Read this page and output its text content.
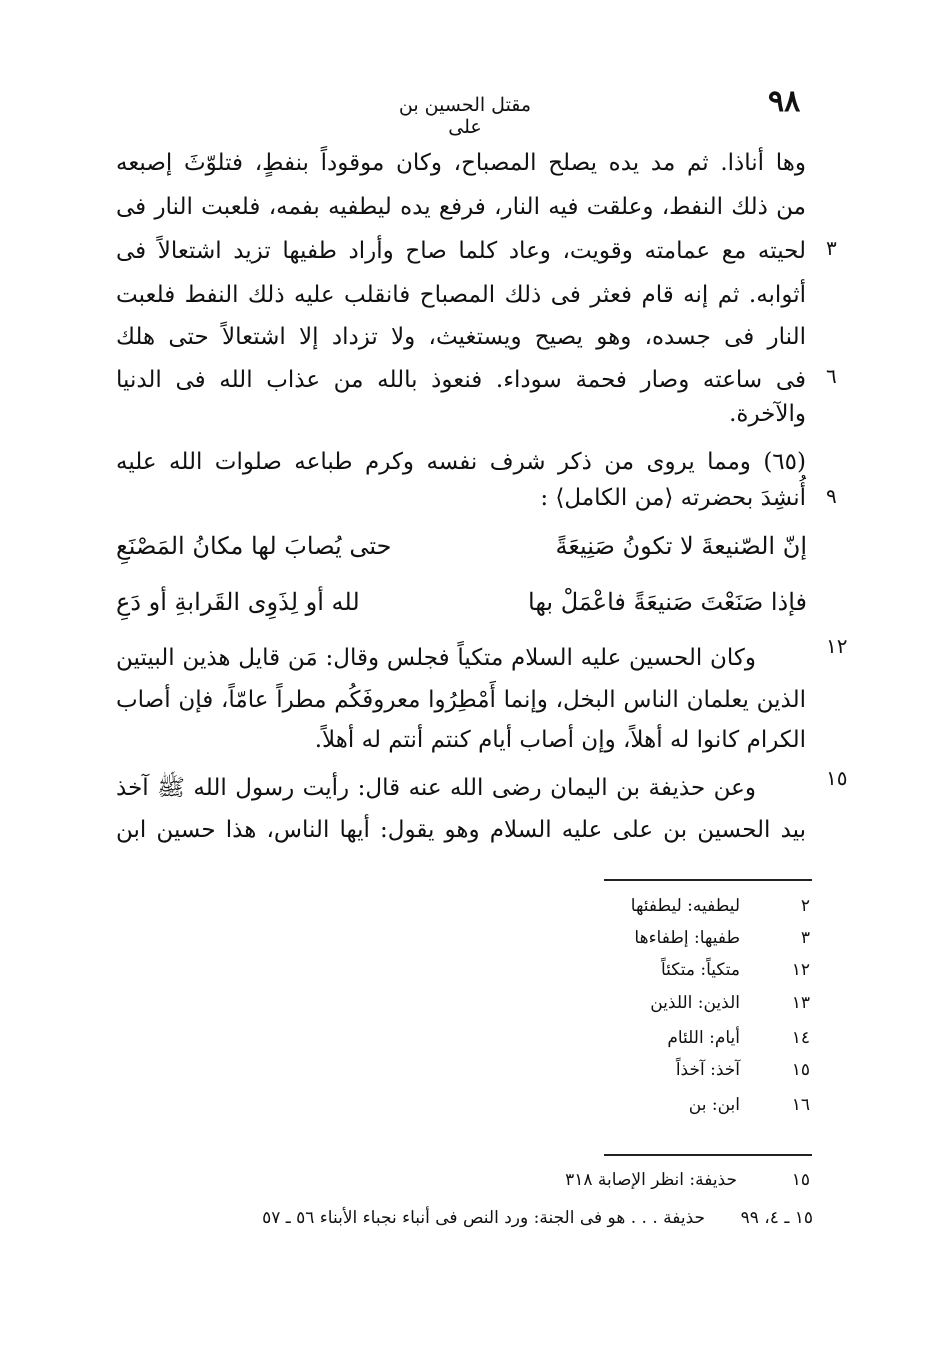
٩٨
مقتل الحسين بن على
وها أناذا. ثم مد يده يصلح المصباح، وكان موقوداً بنفطٍ، فتلوّثَ إصبعه
من ذلك النفط، وعلقت فيه النار، فرفع يده ليطفيه بفمه، فلعبت النار فى
لحيته مع عمامته وقويت، وعاد كلما صاح وأراد طفيها تزيد اشتعالاً فى
أثوابه. ثم إنه قام فعثر فى ذلك المصباح فانقلب عليه ذلك النفط فلعبت
النار فى جسده، وهو يصيح ويستغيث، ولا تزداد إلا اشتعالاً حتى هلك
فى ساعته وصار فحمة سوداء. فنعوذ بالله من عذاب الله فى الدنيا
والآخرة.
(٦٥) ومما يروى من ذكر شرف نفسه وكرم طباعه صلوات الله عليه
أُنشِدَ بحضرته ⟨من الكامل⟩ :
٣
٦
٩
إنّ الصّنيعةَ لا تكونُ صَنِيعَةً
حتى يُصابَ لها مكانُ المَصْنَعِ
فإذا صَنَعْتَ صَنيعَةً فاعْمَلْ بها
لله أو لِذَوِى القَرابةِ أو دَعِ
وكان الحسين عليه السلام متكياً فجلس وقال: مَن قايل هذين البيتين
الذين يعلمان الناس البخل، وإنما أَمْطِرُوا معروفَكُم مطراً عامّاً، فإن أصاب
الكرام كانوا له أهلاً، وإن أصاب أيام كنتم أنتم له أهلاً.
وعن حذيفة بن اليمان رضى الله عنه قال: رأيت رسول الله ﷺ آخذ
بيد الحسين بن على عليه السلام وهو يقول: أيها الناس، هذا حسين ابن
١٢
١٥
٢
ليطفيه: ليطفئها
٣
طفيها: إطفاءها
١٢
متكياً: متكئاً
١٣
الذين: اللذين
١٤
أيام: اللئام
١٥
آخذ: آخذاً
١٦
ابن: بن
١٥
حذيفة: انظر الإصابة ٣١٨
١٥ ـ ٤، ٩٩
حذيفة . . . هو فى الجنة: ورد النص فى أنباء نجباء الأبناء ٥٦ ـ ٥٧
